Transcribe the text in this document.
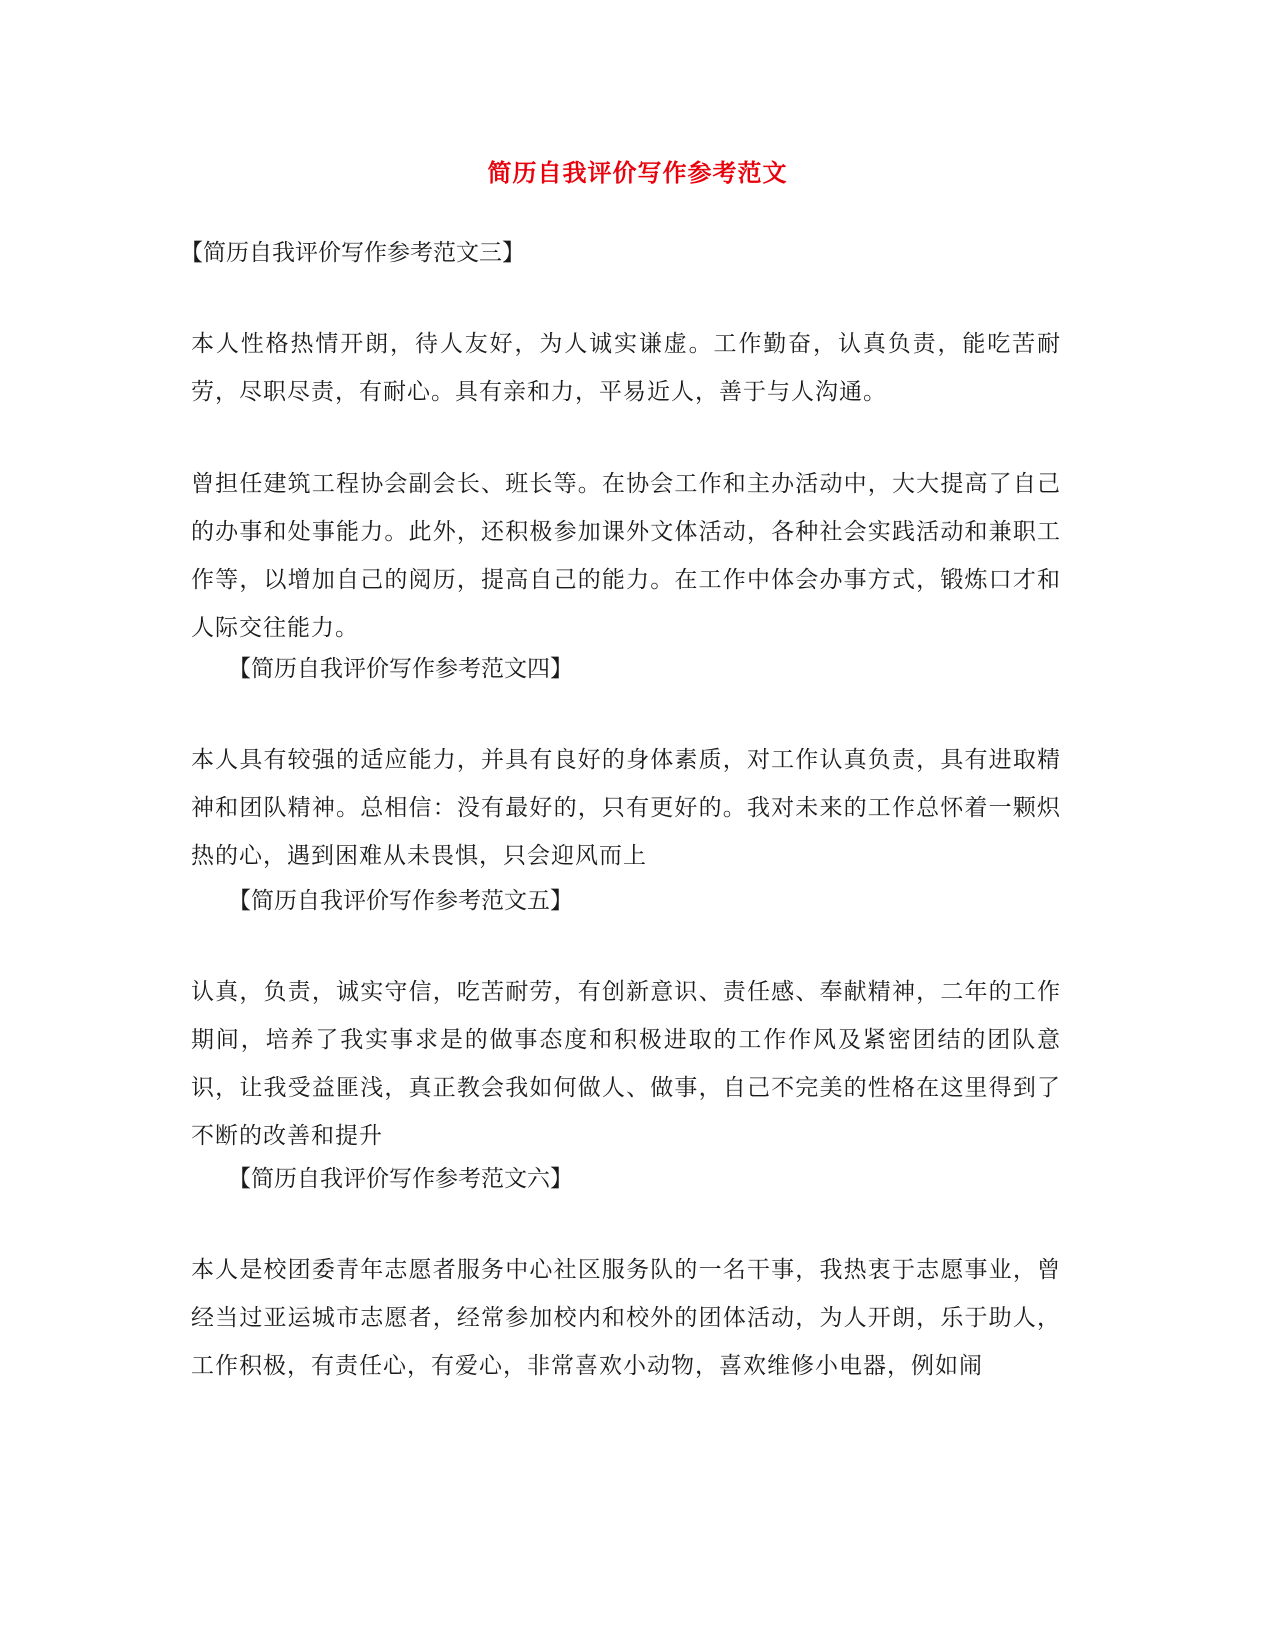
简历自我评价写作参考范文
【简历自我评价写作参考范文三】
本人性格热情开朗，待人友好，为人诚实谦虚。工作勤奋，认真负责，能吃苦耐劳，尽职尽责，有耐心。具有亲和力，平易近人，善于与人沟通。
曾担任建筑工程协会副会长、班长等。在协会工作和主办活动中，大大提高了自己的办事和处事能力。此外，还积极参加课外文体活动，各种社会实践活动和兼职工作等，以增加自己的阅历，提高自己的能力。在工作中体会办事方式，锻炼口才和人际交往能力。
【简历自我评价写作参考范文四】
本人具有较强的适应能力，并具有良好的身体素质，对工作认真负责，具有进取精神和团队精神。总相信：没有最好的，只有更好的。我对未来的工作总怀着一颗炽热的心，遇到困难从未畏惧，只会迎风而上
【简历自我评价写作参考范文五】
认真，负责，诚实守信，吃苦耐劳，有创新意识、责任感、奉献精神，二年的工作期间，培养了我实事求是的做事态度和积极进取的工作作风及紧密团结的团队意识，让我受益匪浅，真正教会我如何做人、做事，自己不完美的性格在这里得到了不断的改善和提升
【简历自我评价写作参考范文六】
本人是校团委青年志愿者服务中心社区服务队的一名干事，我热衷于志愿事业，曾经当过亚运城市志愿者，经常参加校内和校外的团体活动，为人开朗，乐于助人，工作积极，有责任心，有爱心，非常喜欢小动物，喜欢维修小电器，例如闹
